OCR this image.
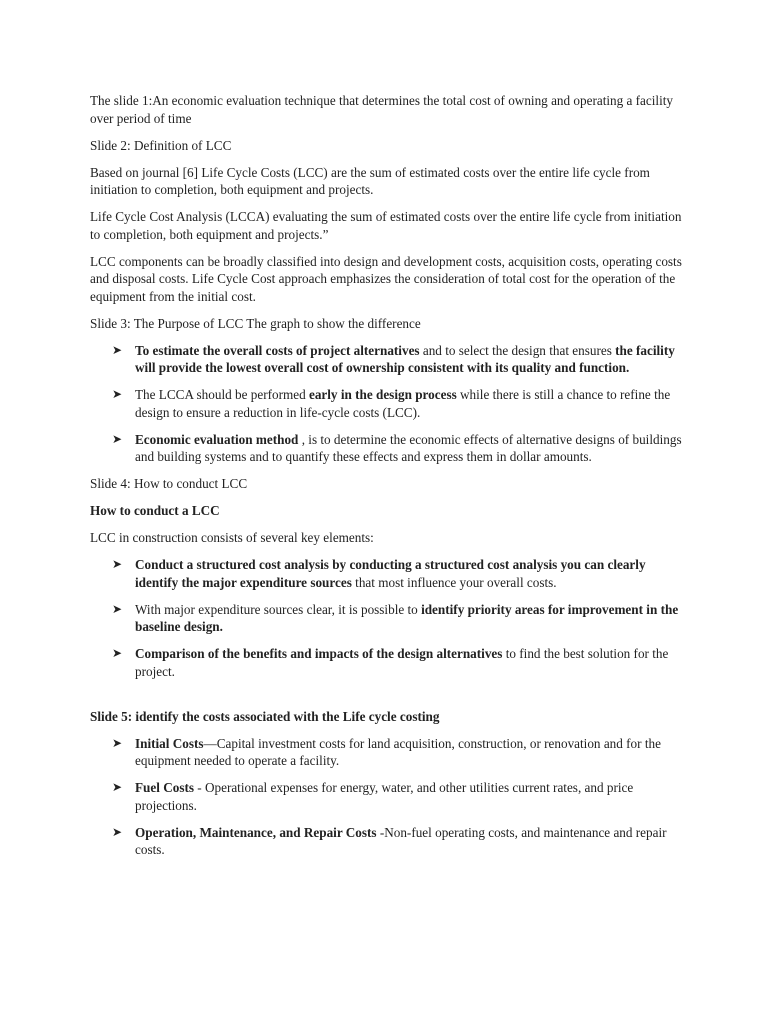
The slide 1:An economic evaluation technique that determines the total cost of owning and operating a facility over period of time

Slide 2: Definition of LCC

Based on journal [6] Life Cycle Costs (LCC) are the sum of estimated costs over the entire life cycle from initiation to completion, both equipment and projects.

Life Cycle Cost Analysis (LCCA) evaluating the sum of estimated costs over the entire life cycle from initiation to completion, both equipment and projects.”

LCC components can be broadly classified into design and development costs, acquisition costs, operating costs and disposal costs. Life Cycle Cost approach emphasizes the consideration of total cost for the operation of the equipment from the initial cost.

Slide 3: The Purpose of LCC The graph to show the difference

➤ To estimate the overall costs of project alternatives and to select the design that ensures the facility will provide the lowest overall cost of ownership consistent with its quality and function.
➤ The LCCA should be performed early in the design process while there is still a chance to refine the design to ensure a reduction in life-cycle costs (LCC).
➤ Economic evaluation method , is to determine the economic effects of alternative designs of buildings and building systems and to quantify these effects and express them in dollar amounts.

Slide 4: How to conduct LCC

How to conduct a LCC

LCC in construction consists of several key elements:

➤ Conduct a structured cost analysis by conducting a structured cost analysis you can clearly identify the major expenditure sources that most influence your overall costs.
➤ With major expenditure sources clear, it is possible to identify priority areas for improvement in the baseline design.
➤ Comparison of the benefits and impacts of the design alternatives to find the best solution for the project.

Slide 5: identify the costs associated with the Life cycle costing

➤ Initial Costs—Capital investment costs for land acquisition, construction, or renovation and for the equipment needed to operate a facility.
➤ Fuel Costs - Operational expenses for energy, water, and other utilities current rates, and price projections.
➤ Operation, Maintenance, and Repair Costs -Non-fuel operating costs, and maintenance and repair costs.
